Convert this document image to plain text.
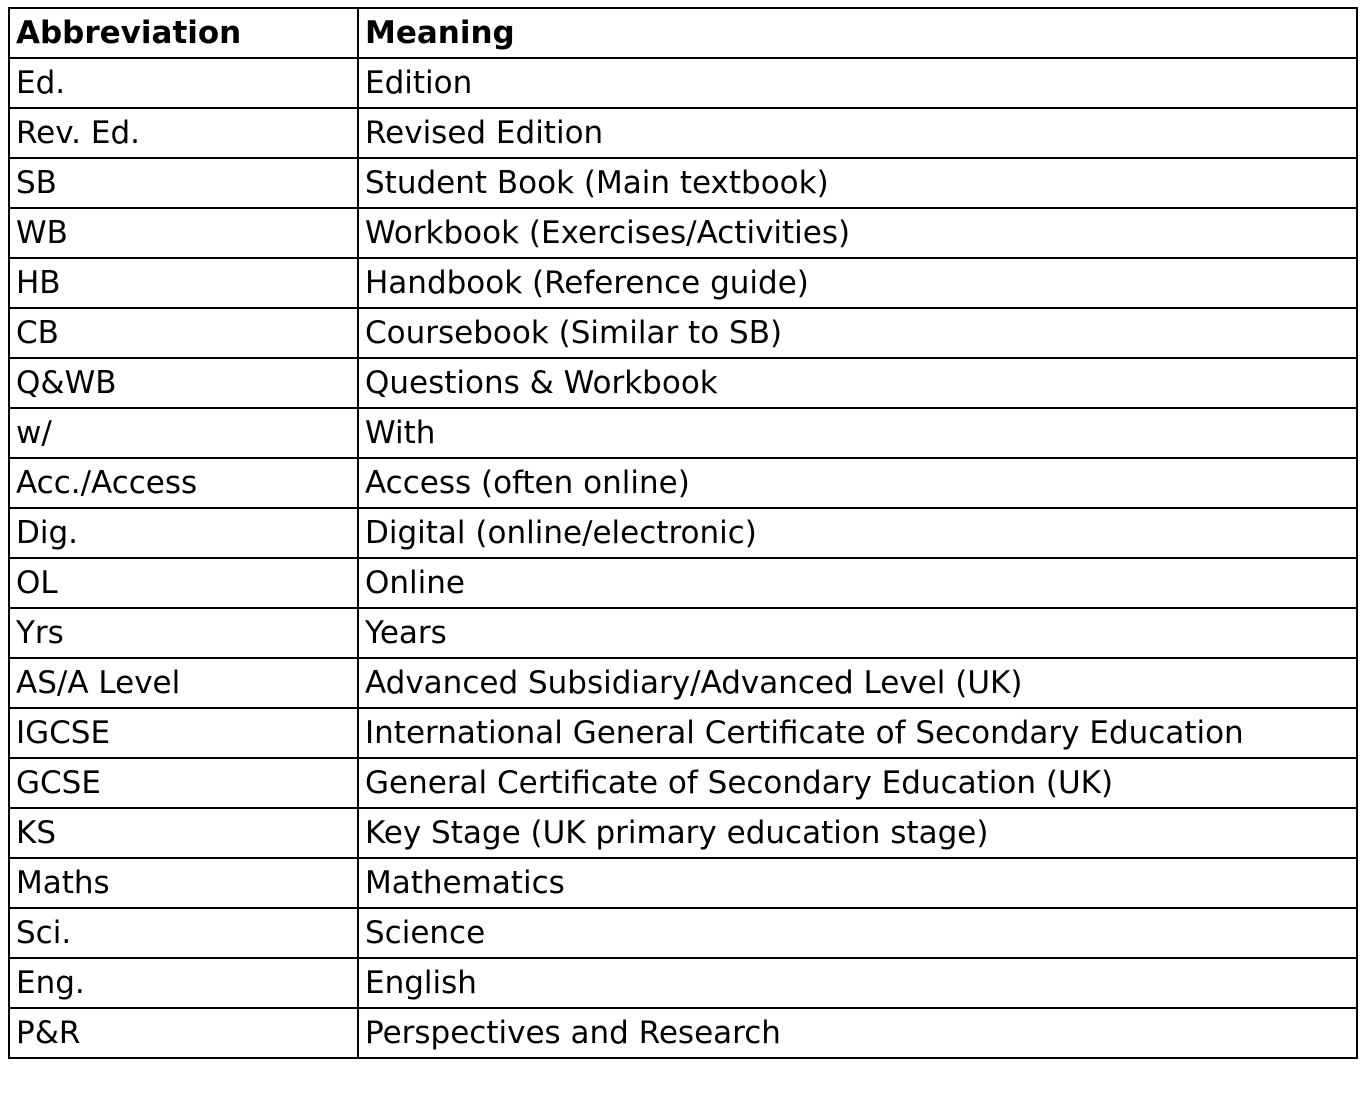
Abbreviation	Meaning
Ed.	Edition
Rev. Ed.	Revised Edition
SB	Student Book (Main textbook)
WB	Workbook (Exercises/Activities)
HB	Handbook (Reference guide)
CB	Coursebook (Similar to SB)
Q&WB	Questions & Workbook
w/	With
Acc./Access	Access (often online)
Dig.	Digital (online/electronic)
OL	Online
Yrs	Years
AS/A Level	Advanced Subsidiary/Advanced Level (UK)
IGCSE	International General Certificate of Secondary Education
GCSE	General Certificate of Secondary Education (UK)
KS	Key Stage (UK primary education stage)
Maths	Mathematics
Sci.	Science
Eng.	English
P&R	Perspectives and Research
